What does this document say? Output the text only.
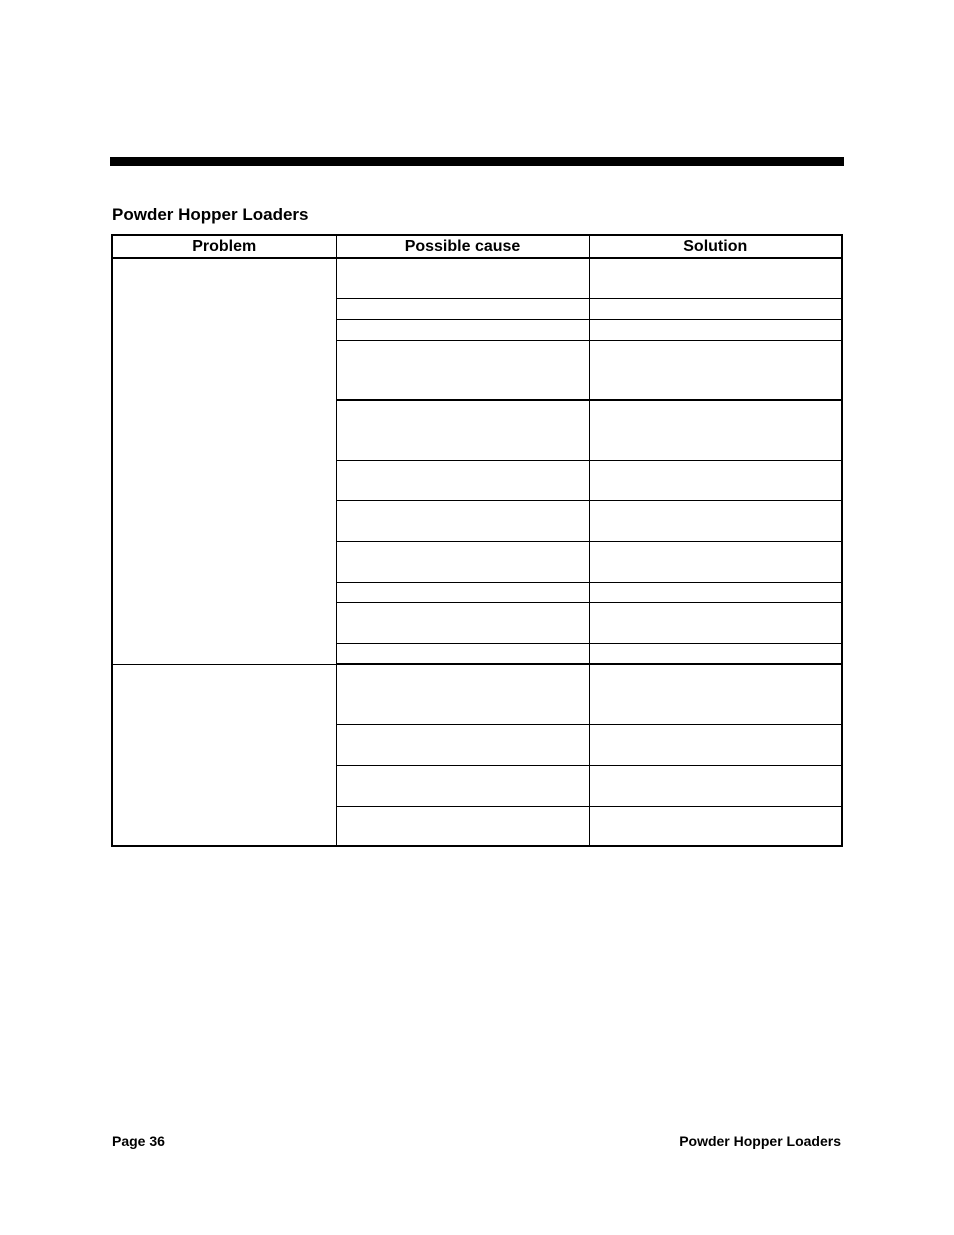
Powder Hopper Loaders
Problem	Possible cause	Solution

Page 36	Powder Hopper Loaders
